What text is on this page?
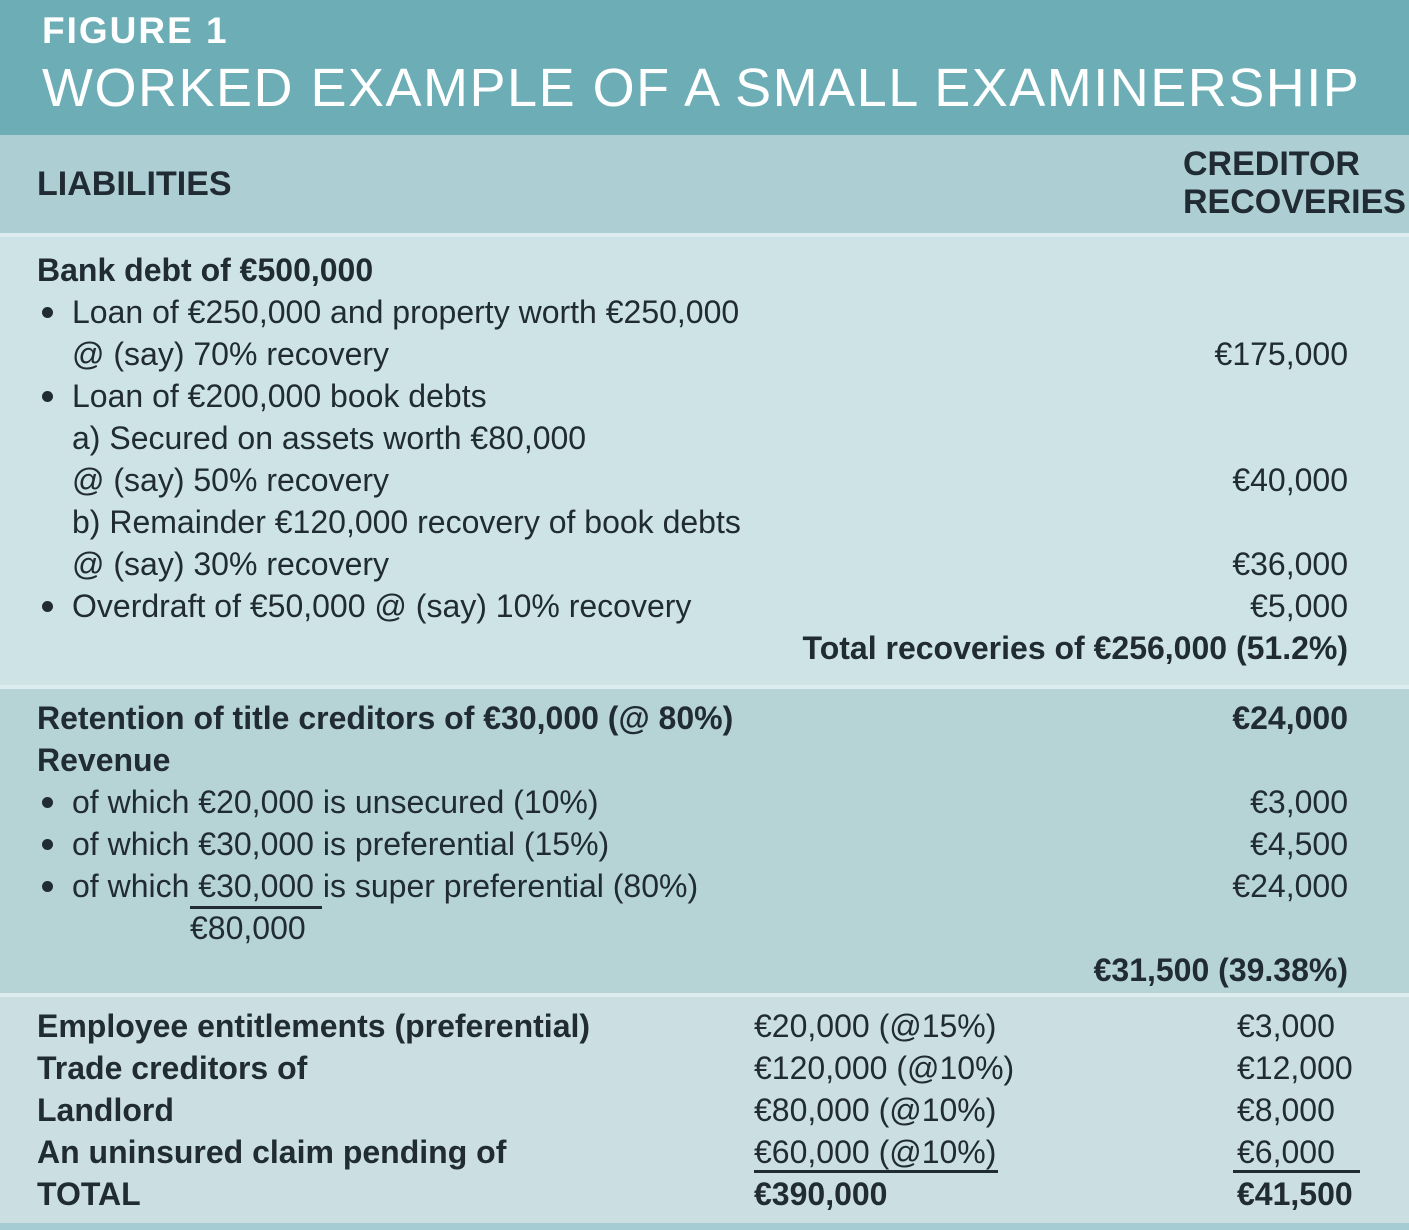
FIGURE 1
WORKED EXAMPLE OF A SMALL EXAMINERSHIP
LIABILITIES
CREDITOR
RECOVERIES
Bank debt of €500,000
Loan of €250,000 and property worth €250,000
@ (say) 70% recovery	€175,000
Loan of €200,000 book debts
a) Secured on assets worth €80,000
@ (say) 50% recovery	€40,000
b) Remainder €120,000 recovery of book debts
@ (say) 30% recovery	€36,000
Overdraft of €50,000 @ (say) 10% recovery	€5,000
Total recoveries of €256,000 (51.2%)
Retention of title creditors of €30,000 (@ 80%)	€24,000
Revenue
of which €20,000 is unsecured (10%)	€3,000
of which €30,000 is preferential (15%)	€4,500
of which €30,000 is super preferential (80%)	€24,000
€80,000
€31,500 (39.38%)
Employee entitlements (preferential)	€20,000 (@15%)	€3,000
Trade creditors of	€120,000 (@10%)	€12,000
Landlord	€80,000 (@10%)	€8,000
An uninsured claim pending of	€60,000 (@10%)	€6,000
TOTAL	€390,000	€41,500
